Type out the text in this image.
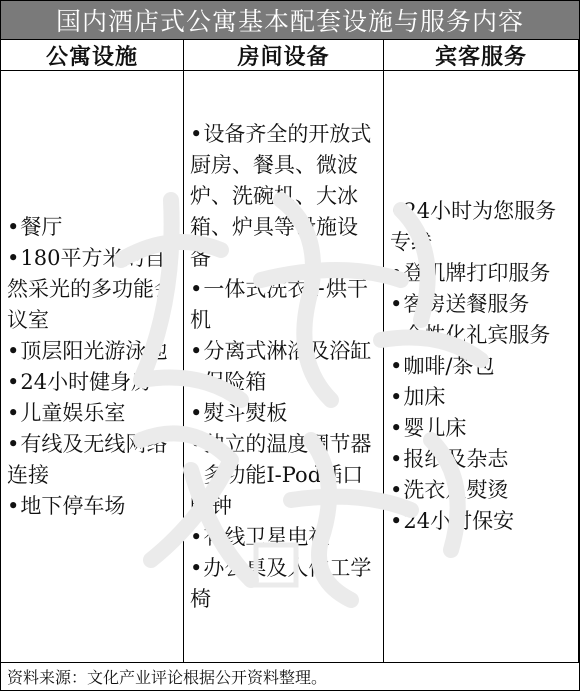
国内酒店式公寓基本配套设施与服务内容
公寓设施
•餐厅
•180平方米的自然采光的多功能会议室
•顶层阳光游泳池
•24小时健身房
•儿童娱乐室
•有线及无线网络连接
•地下停车场
房间设备
•设备齐全的开放式厨房、餐具、微波炉、洗碗机、大冰箱、炉具等设施设备
•一体式洗衣+烘干机
•分离式淋浴及浴缸
•保险箱
•熨斗熨板
•独立的温度调节器
•多功能I-Pod插口时钟
•有线卫星电视
•办公桌及人体工学椅
宾客服务
•24小时为您服务专线
•登机牌打印服务
•客房送餐服务
•个性化礼宾服务
•咖啡/茶包
•加床
•婴儿床
•报纸及杂志
•洗衣及熨烫
•24小时保安
资料来源：文化产业评论根据公开资料整理。
